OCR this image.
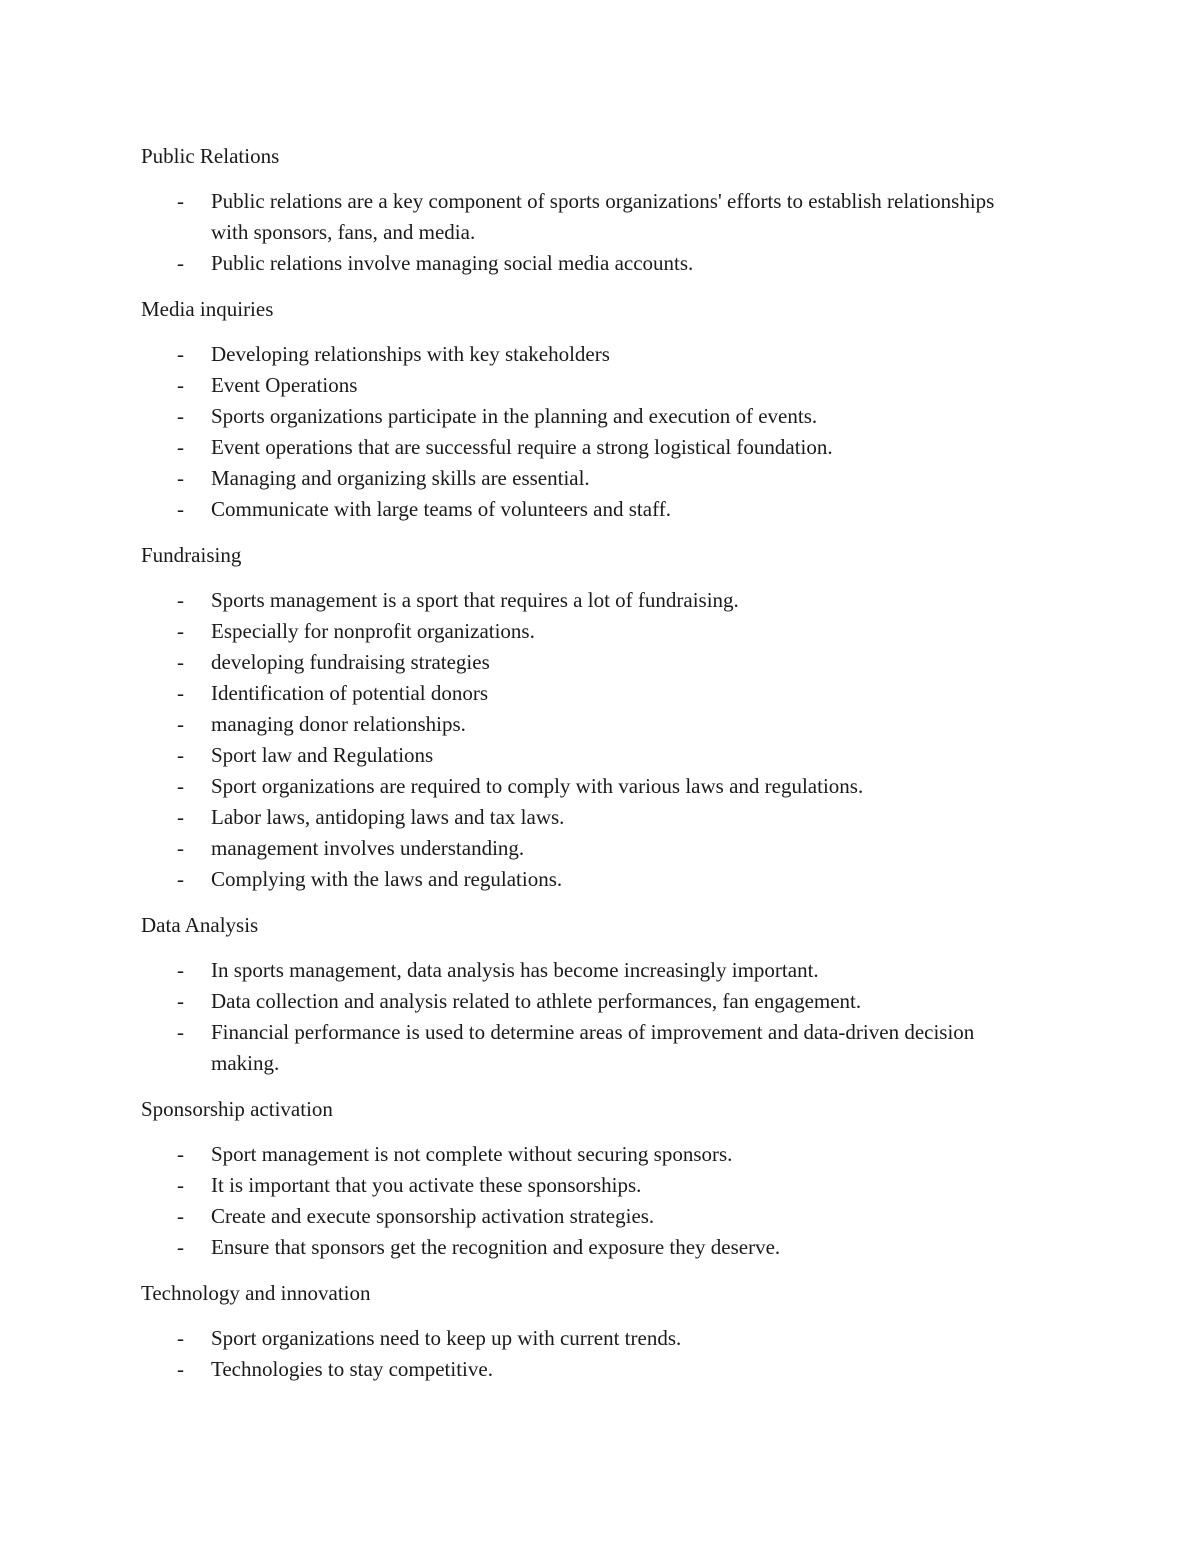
Public Relations

- Public relations are a key component of sports organizations' efforts to establish relationships with sponsors, fans, and media.
- Public relations involve managing social media accounts.

Media inquiries

- Developing relationships with key stakeholders
- Event Operations
- Sports organizations participate in the planning and execution of events.
- Event operations that are successful require a strong logistical foundation.
- Managing and organizing skills are essential.
- Communicate with large teams of volunteers and staff.

Fundraising

- Sports management is a sport that requires a lot of fundraising.
- Especially for nonprofit organizations.
- developing fundraising strategies
- Identification of potential donors
- managing donor relationships.
- Sport law and Regulations
- Sport organizations are required to comply with various laws and regulations.
- Labor laws, antidoping laws and tax laws.
- management involves understanding.
- Complying with the laws and regulations.

Data Analysis

- In sports management, data analysis has become increasingly important.
- Data collection and analysis related to athlete performances, fan engagement.
- Financial performance is used to determine areas of improvement and data-driven decision making.

Sponsorship activation

- Sport management is not complete without securing sponsors.
- It is important that you activate these sponsorships.
- Create and execute sponsorship activation strategies.
- Ensure that sponsors get the recognition and exposure they deserve.

Technology and innovation

- Sport organizations need to keep up with current trends.
- Technologies to stay competitive.
